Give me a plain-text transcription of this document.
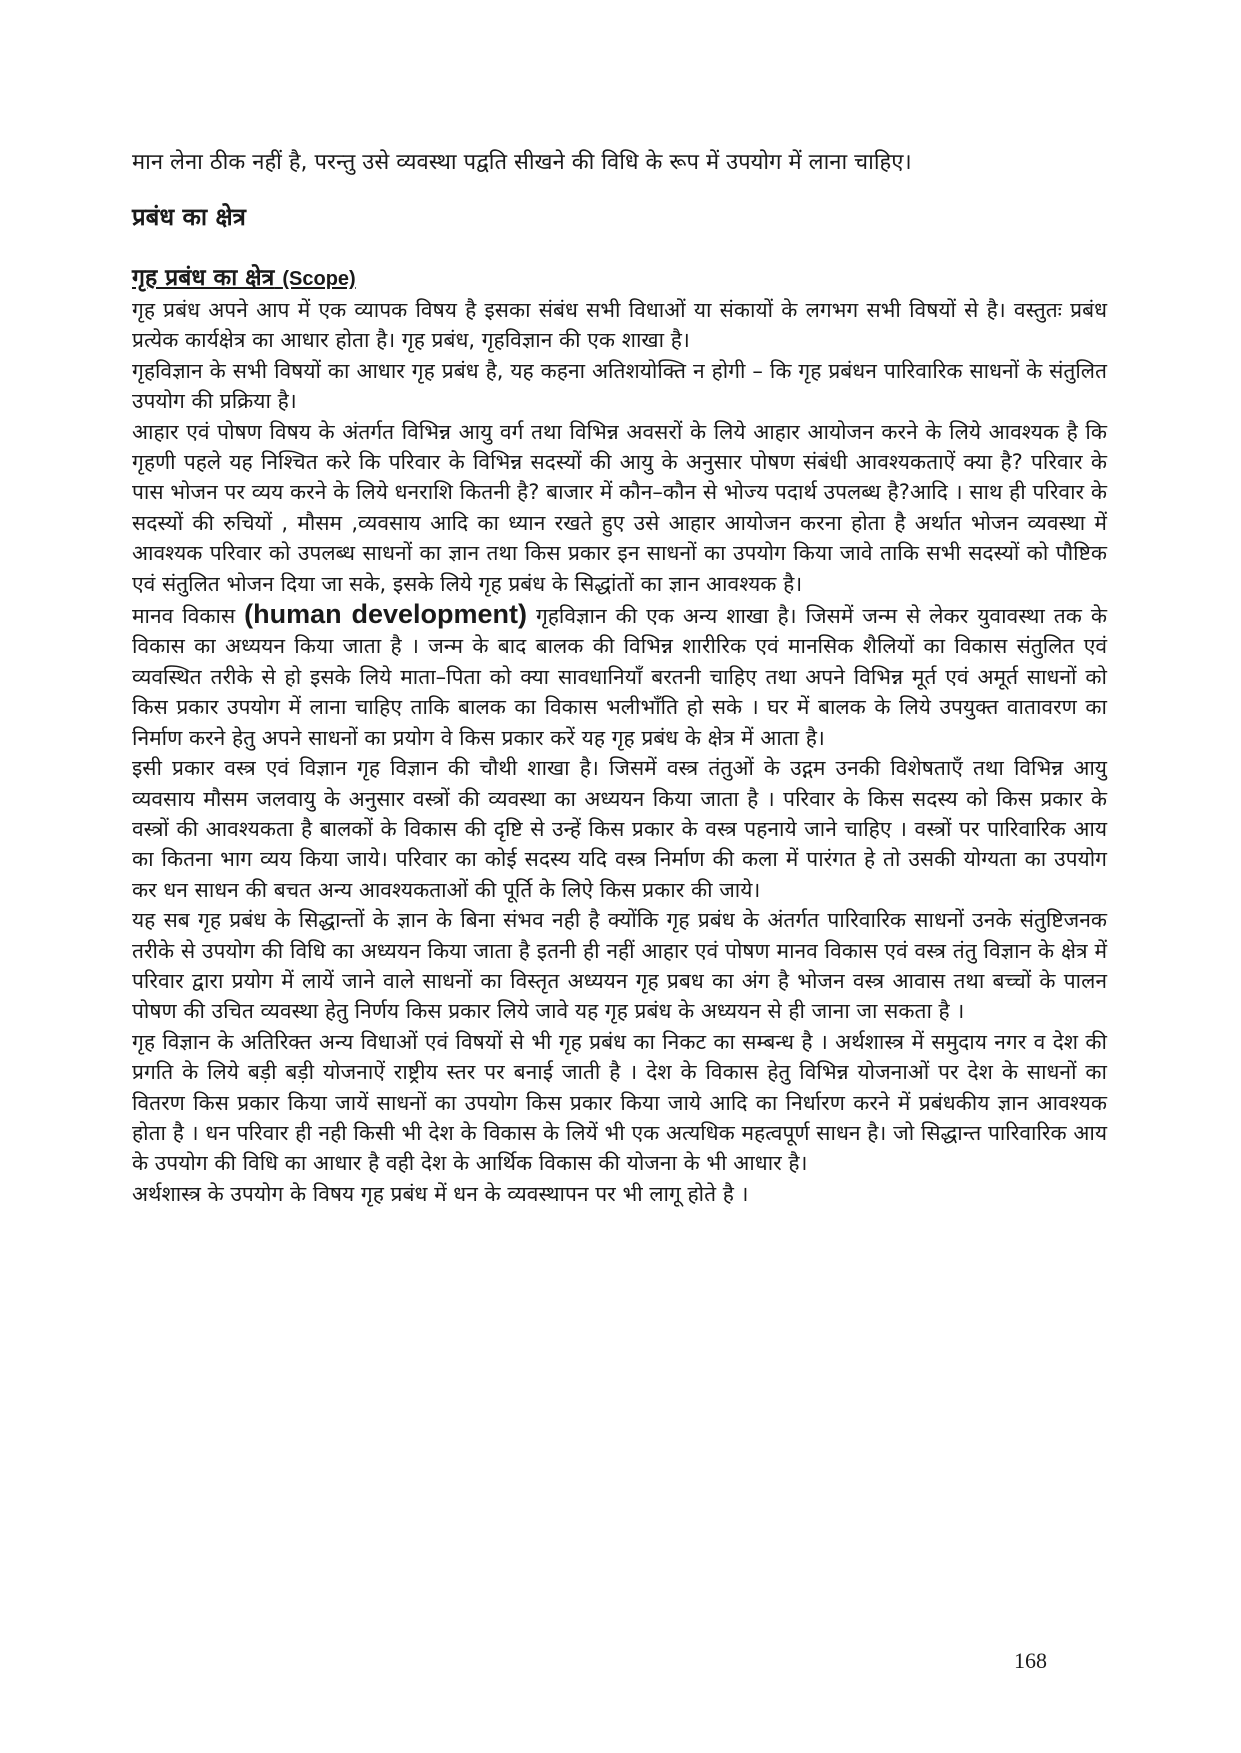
मान लेना ठीक नहीं है, परन्तु उसे व्यवस्था पद्वति सीखने की विधि के रूप में उपयोग में लाना चाहिए।

प्रबंध का क्षेत्र
गृह प्रबंध का क्षेत्र (Scope)

गृह प्रबंध अपने आप में एक व्यापक विषय है इसका संबंध सभी विधाओं या संकायों के लगभग सभी विषयों से है। वस्तुतः प्रबंध प्रत्येक कार्यक्षेत्र का आधार होता है। गृह प्रबंध, गृहविज्ञान की एक शाखा है।

गृहविज्ञान के सभी विषयों का आधार गृह प्रबंध है, यह कहना अतिशयोक्ति न होगी – कि गृह प्रबंधन पारिवारिक साधनों के संतुलित उपयोग की प्रक्रिया है।

आहार एवं पोषण विषय के अंतर्गत विभिन्न आयु वर्ग तथा विभिन्न अवसरों के लिये आहार आयोजन करने के लिये आवश्यक है कि गृहणी पहले यह निश्चित करे कि परिवार के विभिन्न सदस्यों की आयु के अनुसार पोषण संबंधी आवश्यकताऐं क्या है? परिवार के पास भोजन पर व्यय करने के लिये धनराशि कितनी है? बाजार में कौन–कौन से भोज्य पदार्थ उपलब्ध है?आदि । साथ ही परिवार के सदस्यों की रुचियों , मौसम ,व्यवसाय आदि का ध्यान रखते हुए उसे आहार आयोजन करना होता है अर्थात भोजन व्यवस्था में आवश्यक परिवार को उपलब्ध साधनों का ज्ञान तथा किस प्रकार इन साधनों का उपयोग किया जावे ताकि सभी सदस्यों को पौष्टिक एवं संतुलित भोजन दिया जा सके, इसके लिये गृह प्रबंध के सिद्धांतों का ज्ञान आवश्यक है।

मानव विकास (human development) गृहविज्ञान की एक अन्य शाखा है। जिसमें जन्म से लेकर युवावस्था तक के विकास का अध्ययन किया जाता है । जन्म के बाद बालक की विभिन्न शारीरिक एवं मानसिक शैलियों का विकास संतुलित एवं व्यवस्थित तरीके से हो इसके लिये माता–पिता को क्या सावधानियाँ बरतनी चाहिए तथा अपने विभिन्न मूर्त एवं अमूर्त साधनों को किस प्रकार उपयोग में लाना चाहिए ताकि बालक का विकास भलीभाँति हो सके । घर में बालक के लिये उपयुक्त वातावरण का निर्माण करने हेतु अपने साधनों का प्रयोग वे किस प्रकार करें यह गृह प्रबंध के क्षेत्र में आता है।

इसी प्रकार वस्त्र एवं विज्ञान गृह विज्ञान की चौथी शाखा है। जिसमें वस्त्र तंतुओं के उद्गम उनकी विशेषताएँ तथा विभिन्न आयु व्यवसाय मौसम जलवायु के अनुसार वस्त्रों की व्यवस्था का अध्ययन किया जाता है । परिवार के किस सदस्य को किस प्रकार के वस्त्रों की आवश्यकता है बालकों के विकास की दृष्टि से उन्हें किस प्रकार के वस्त्र पहनाये जाने चाहिए । वस्त्रों पर पारिवारिक आय का कितना भाग व्यय किया जाये। परिवार का कोई सदस्य यदि वस्त्र निर्माण की कला में पारंगत हे तो उसकी योग्यता का उपयोग कर धन साधन की बचत अन्य आवश्यकताओं की पूर्ति के लिऐ किस प्रकार की जाये।

यह सब गृह प्रबंध के सिद्धान्तों के ज्ञान के बिना संभव नही है क्योंकि गृह प्रबंध के अंतर्गत पारिवारिक साधनों उनके संतुष्टिजनक तरीके से उपयोग की विधि का अध्ययन किया जाता है इतनी ही नहीं आहार एवं पोषण मानव विकास एवं वस्त्र तंतु विज्ञान के क्षेत्र में परिवार द्वारा प्रयोग में लायें जाने वाले साधनों का विस्तृत अध्ययन गृह प्रबध का अंग है भोजन वस्त्र आवास तथा बच्चों के पालन पोषण की उचित व्यवस्था हेतु निर्णय किस प्रकार लिये जावे यह गृह प्रबंध के अध्ययन से ही जाना जा सकता है ।

गृह विज्ञान के अतिरिक्त अन्य विधाओं एवं विषयों से भी गृह प्रबंध का निकट का सम्बन्ध है । अर्थशास्त्र में समुदाय नगर व देश की प्रगति के लिये बड़ी बड़ी योजनाऐं राष्ट्रीय स्तर पर बनाई जाती है । देश के विकास हेतु विभिन्न योजनाओं पर देश के साधनों का वितरण किस प्रकार किया जायें साधनों का उपयोग किस प्रकार किया जाये आदि का निर्धारण करने में प्रबंधकीय ज्ञान आवश्यक होता है । धन परिवार ही नही किसी भी देश के विकास के लियें भी एक अत्यधिक महत्वपूर्ण साधन है। जो सिद्धान्त पारिवारिक आय के उपयोग की विधि का आधार है वही देश के आर्थिक विकास की योजना के भी आधार है।

अर्थशास्त्र के उपयोग के विषय गृह प्रबंध में धन के व्यवस्थापन पर भी लागू होते है ।

168
